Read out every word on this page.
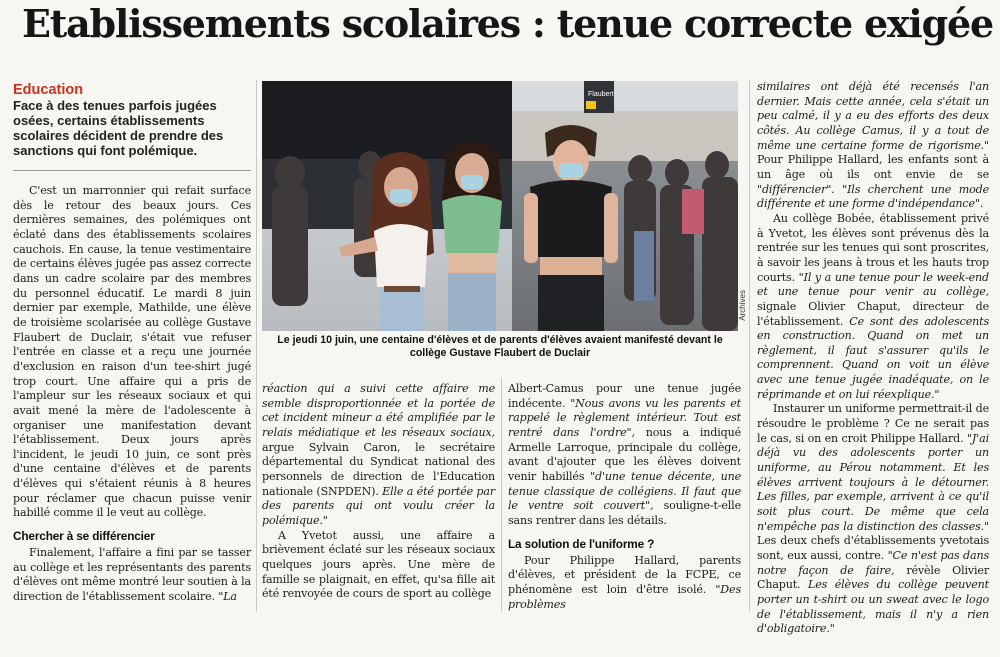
Etablissements scolaires : tenue correcte exigée
Education
Face à des tenues parfois jugées osées, certains établissements scolaires décident de prendre des sanctions qui font polémique.

C'est un marronnier qui refait surface dès le retour des beaux jours. Ces dernières semaines, des polémiques ont éclaté dans des établissements scolaires cauchois. En cause, la tenue vestimentaire de certains élèves jugée pas assez correcte dans un cadre scolaire par des membres du personnel éducatif. Le mardi 8 juin dernier par exemple, Mathilde, une élève de troisième scolarisée au collège Gustave Flaubert de Duclair, s'était vue refuser l'entrée en classe et a reçu une journée d'exclusion en raison d'un tee-shirt jugé trop court. Une affaire qui a pris de l'ampleur sur les réseaux sociaux et qui avait mené la mère de l'adolescente à organiser une manifestation devant l'établissement. Deux jours après l'incident, le jeudi 10 juin, ce sont près d'une centaine d'élèves et de parents d'élèves qui s'étaient réunis à 8 heures pour réclamer que chacun puisse venir habillé comme il le veut au collège.

Chercher à se différencier

Finalement, l'affaire a fini par se tasser au collège et les représentants des parents d'élèves ont même montré leur soutien à la direction de l'établissement scolaire. "La

Flaubert
Archives
Le jeudi 10 juin, une centaine d'élèves et de parents d'élèves avaient manifesté devant le collège Gustave Flaubert de Duclair

réaction qui a suivi cette affaire me semble disproportionnée et la portée de cet incident mineur a été amplifiée par le relais médiatique et les réseaux sociaux, argue Sylvain Caron, le secrétaire départemental du Syndicat national des personnels de direction de l'Education nationale (SNPDEN). Elle a été portée par des parents qui ont voulu créer la polémique."

A Yvetot aussi, une affaire a brièvement éclaté sur les réseaux sociaux quelques jours après. Une mère de famille se plaignait, en effet, qu'sa fille ait été renvoyée de cours de sport au collège

Albert-Camus pour une tenue jugée indécente. "Nous avons vu les parents et rappelé le règlement intérieur. Tout est rentré dans l'ordre", nous a indiqué Armelle Larroque, principale du collège, avant d'ajouter que les élèves doivent venir habillés "d'une tenue décente, une tenue classique de collégiens. Il faut que le ventre soit couvert", souligne-t-elle sans rentrer dans les détails.

La solution de l'uniforme ?

Pour Philippe Hallard, parents d'élèves, et président de la FCPE, ce phénomène est loin d'être isolé. "Des problèmes

similaires ont déjà été recensés l'an dernier. Mais cette année, cela s'était un peu calmé, il y a eu des efforts des deux côtés. Au collège Camus, il y a tout de même une certaine forme de rigorisme." Pour Philippe Hallard, les enfants sont à un âge où ils ont envie de se "différencier". "Ils cherchent une mode différente et une forme d'indépendance".

Au collège Bobée, établissement privé à Yvetot, les élèves sont prévenus dès la rentrée sur les tenues qui sont proscrites, à savoir les jeans à trous et les hauts trop courts. "Il y a une tenue pour le week-end et une tenue pour venir au collège, signale Olivier Chaput, directeur de l'établissement. Ce sont des adolescents en construction. Quand on met un règlement, il faut s'assurer qu'ils le comprennent. Quand on voit un élève avec une tenue jugée inadéquate, on le réprimande et on lui réexplique."

Instaurer un uniforme permettrait-il de résoudre le problème ? Ce ne serait pas le cas, si on en croit Philippe Hallard. "J'ai déjà vu des adolescents porter un uniforme, au Pérou notamment. Et les élèves arrivent toujours à le détourner. Les filles, par exemple, arrivent à ce qu'il soit plus court. De même que cela n'empêche pas la distinction des classes." Les deux chefs d'établissements yvetotais sont, eux aussi, contre. "Ce n'est pas dans notre façon de faire, révèle Olivier Chaput. Les élèves du collège peuvent porter un t-shirt ou un sweat avec le logo de l'établissement, mais il n'y a rien d'obligatoire."
